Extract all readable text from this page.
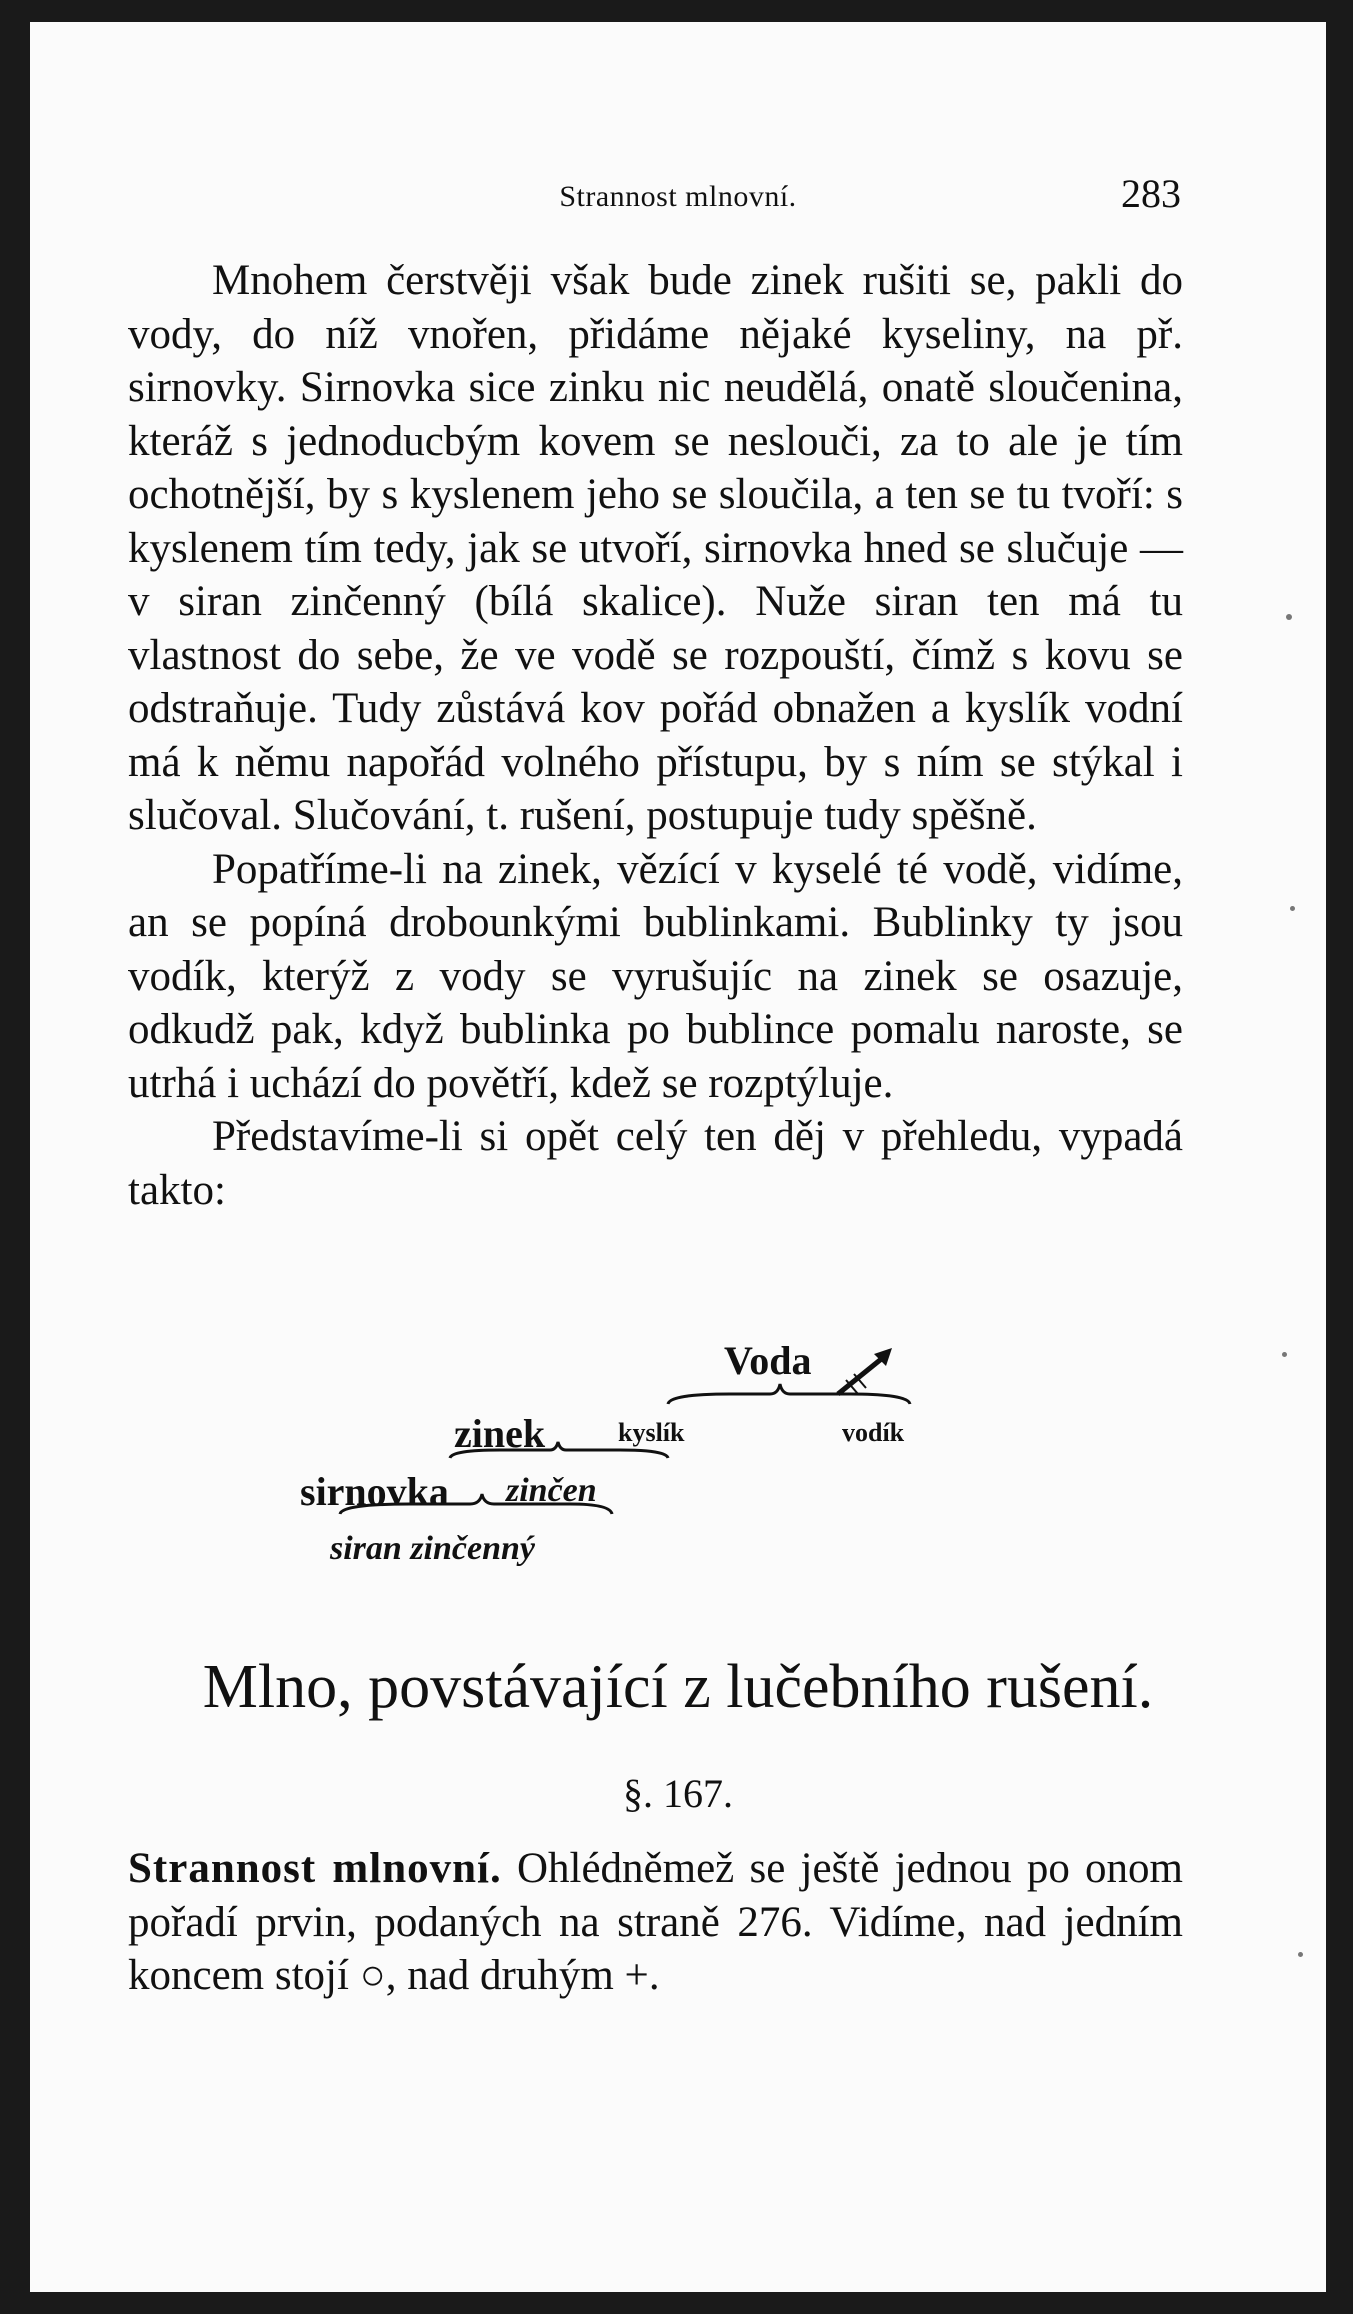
Strannost mlnovní.	283

Mnohem čerstvěji však bude zinek rušiti se, pakli do vody, do níž vnořen, přidáme nějaké kyseliny, na př. sirnovky. Sirnovka sice zinku nic neudělá, onatě sloučenina, kteráž s jednoducbým kovem se neslouči, za to ale je tím ochotnější, by s kyslenem jeho se sloučila, a ten se tu tvoří: s kyslenem tím tedy, jak se utvoří, sirnovka hned se slučuje — v siran zinčenný (bílá skalice). Nuže siran ten má tu vlastnost do sebe, že ve vodě se rozpouští, čímž s kovu se odstraňuje. Tudy zůstává kov pořád obnažen a kyslík vodní má k němu napořád volného přístupu, by s ním se stýkal i slučoval. Slučování, t. rušení, postupuje tudy spěšně.

Popatříme-li na zinek, vězící v kyselé té vodě, vidíme, an se popíná drobounkými bublinkami. Bublinky ty jsou vodík, kterýž z vody se vyrušujíc na zinek se osazuje, odkudž pak, když bublinka po bublince pomalu naroste, se utrhá i uchází do povětří, kdež se rozptýluje.

Představíme-li si opět celý ten děj v přehledu, vypadá takto:

Voda
zinek	kyslík	vodík
sirnovka zinčen
siran zinčenný
Mlno, povstávající z lučebního rušení.
§. 167.

Strannost mlnovní. Ohlédněmež se ještě jednou po onom pořadí prvin, podaných na straně 276. Vidíme, nad jedním koncem stojí ○, nad druhým +.
